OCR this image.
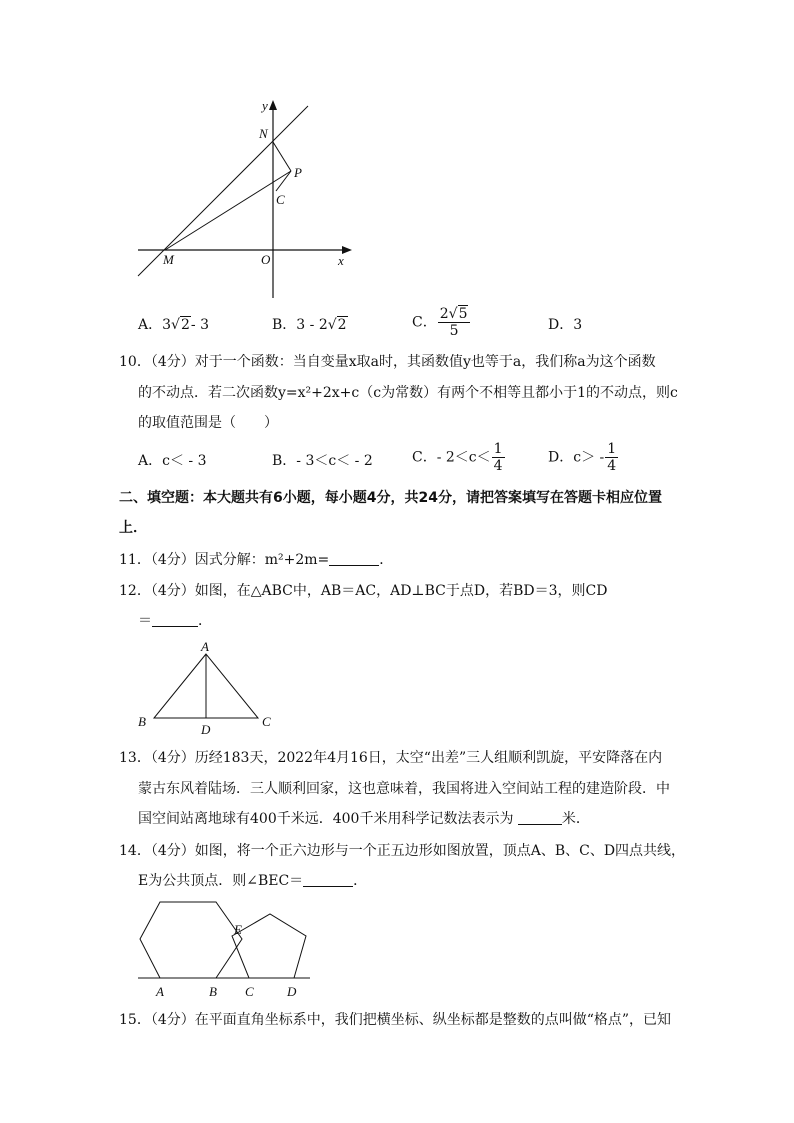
y
N
P
C
M	O	x
A．3√2- 3	B．3 - 2√2	C． $\frac{2√5}{5}$	D．3
10．（4分）对于一个函数：当自变量x取a时，其函数值y也等于a，我们称a为这个函数
的不动点．若二次函数y=x²+2x+c（c为常数）有两个不相等且都小于1的不动点，则c
的取值范围是（　　）
A．c＜ - 3	B．- 3＜c＜ - 2	C．- $2<c< \frac{1}{4}$	D．$c> - \frac{1}{4}$
二、填空题：本大题共有6小题，每小题4分，共24分，请把答案填写在答题卡相应位置
上．
11．（4分）因式分解：m²+2m=	．
12．（4分）如图，在△ABC中，AB＝AC，AD⊥BC于点D，若BD＝3，则CD
＝	．
A
B	C
D
13．（4分）历经183天，2022年4月16日，太空“出差”三人组顺利凯旋，平安降落在内
蒙古东风着陆场．三人顺利回家，这也意味着，我国将进入空间站工程的建造阶段．中
国空间站离地球有400千米远．400千米用科学记数法表示为	米．
14．（4分）如图，将一个正六边形与一个正五边形如图放置，顶点A、B、C、D四点共线，
E为公共顶点．则∠BEC＝	．
E
A	B C	D
15．（4分）在平面直角坐标系中，我们把横坐标、纵坐标都是整数的点叫做“格点”，已知
